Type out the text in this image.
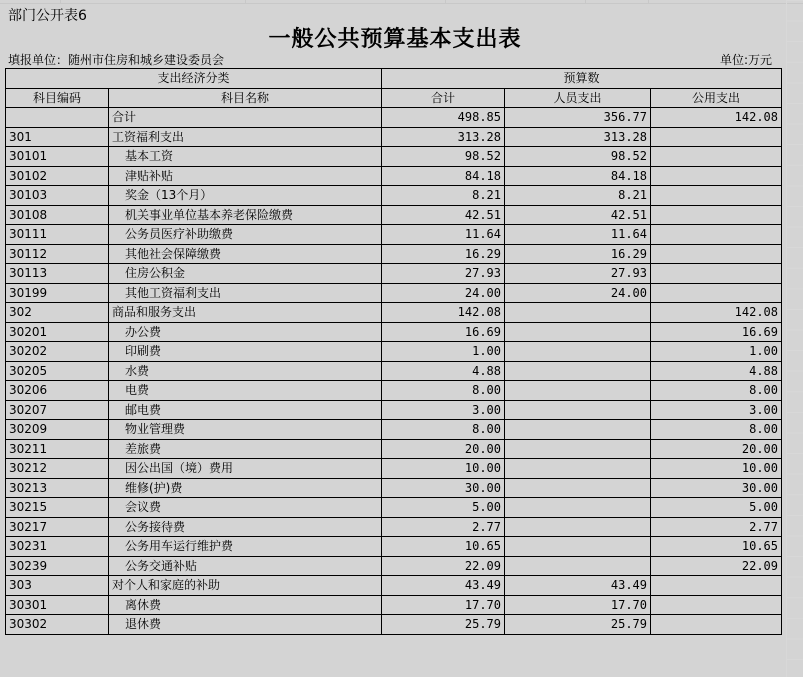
部门公开表6
一般公共预算基本支出表
填报单位：随州市住房和城乡建设委员会	单位:万元
支出经济分类		预算数		
科目编码	科目名称	合计	人员支出	公用支出
	合计	498.85	356.77	142.08
301	工资福利支出	313.28	313.28	
30101	基本工资	98.52	98.52	
30102	津贴补贴	84.18	84.18	
30103	奖金（13个月）	8.21	8.21	
30108	机关事业单位基本养老保险缴费	42.51	42.51	
30111	公务员医疗补助缴费	11.64	11.64	
30112	其他社会保障缴费	16.29	16.29	
30113	住房公积金	27.93	27.93	
30199	其他工资福利支出	24.00	24.00	
302	商品和服务支出	142.08		142.08
30201	办公费	16.69		16.69
30202	印刷费	1.00		1.00
30205	水费	4.88		4.88
30206	电费	8.00		8.00
30207	邮电费	3.00		3.00
30209	物业管理费	8.00		8.00
30211	差旅费	20.00		20.00
30212	因公出国（境）费用	10.00		10.00
30213	维修(护)费	30.00		30.00
30215	会议费	5.00		5.00
30217	公务接待费	2.77		2.77
30231	公务用车运行维护费	10.65		10.65
30239	公务交通补贴	22.09		22.09
303	对个人和家庭的补助	43.49	43.49	
30301	离休费	17.70	17.70	
30302	退休费	25.79	25.79	
